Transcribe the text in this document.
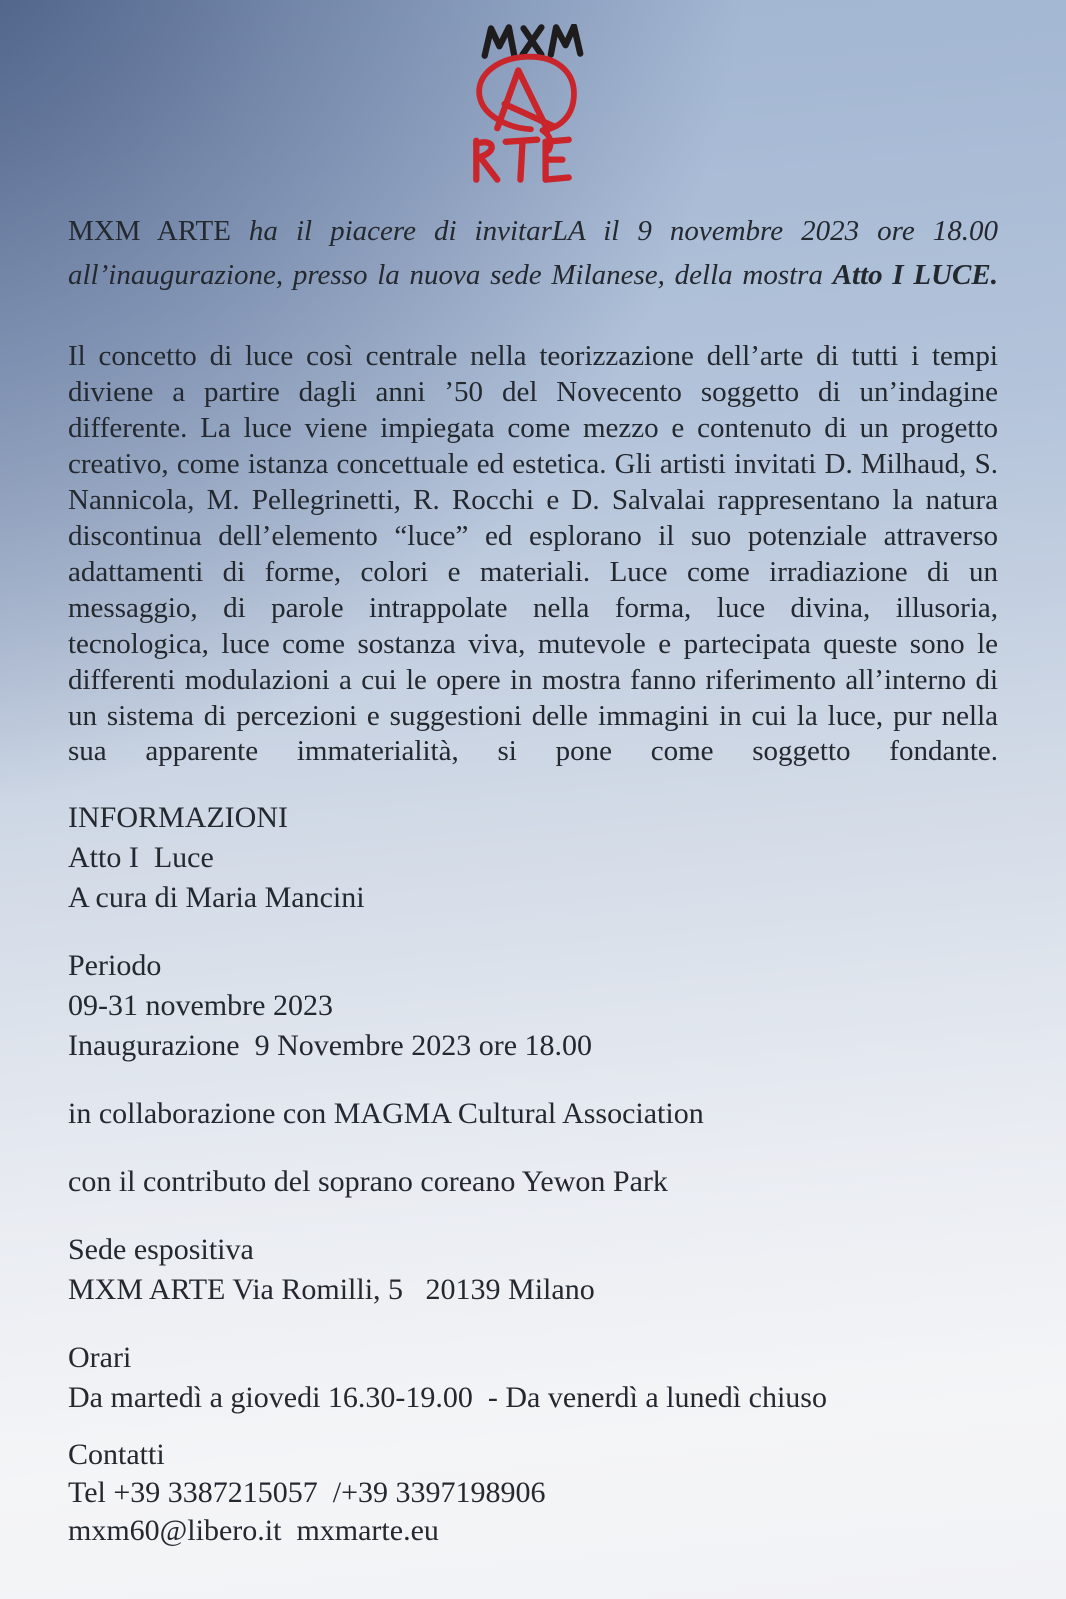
MXM ARTE ha il piacere di invitarLA il 9 novembre 2023 ore 18.00 all’inaugurazione, presso la nuova sede Milanese, della mostra Atto I LUCE.

Il concetto di luce così centrale nella teorizzazione dell’arte di tutti i tempi diviene a partire dagli anni ’50 del Novecento soggetto di un’indagine differente. La luce viene impiegata come mezzo e contenuto di un progetto creativo, come istanza concettuale ed estetica. Gli artisti invitati D. Milhaud, S. Nannicola, M. Pellegrinetti, R. Rocchi e D. Salvalai rappresentano la natura discontinua dell’elemento “luce” ed esplorano il suo potenziale attraverso adattamenti di forme, colori e materiali. Luce come irradiazione di un messaggio, di parole intrappolate nella forma, luce divina, illusoria, tecnologica, luce come sostanza viva, mutevole e partecipata queste sono le differenti modulazioni a cui le opere in mostra fanno riferimento all’interno di un sistema di percezioni e suggestioni delle immagini in cui la luce, pur nella sua apparente immaterialità, si pone come soggetto fondante.

INFORMAZIONI

Atto I  Luce

A cura di Maria Mancini

Periodo

09-31 novembre 2023

Inaugurazione  9 Novembre 2023 ore 18.00

in collaborazione con MAGMA Cultural Association

con il contributo del soprano coreano Yewon Park

Sede espositiva

MXM ARTE Via Romilli, 5   20139 Milano

Orari

Da martedì a giovedi 16.30-19.00  - Da venerdì a lunedì chiuso

Contatti

Tel +39 3387215057  /+39 3397198906

mxm60@libero.it  mxmarte.eu
